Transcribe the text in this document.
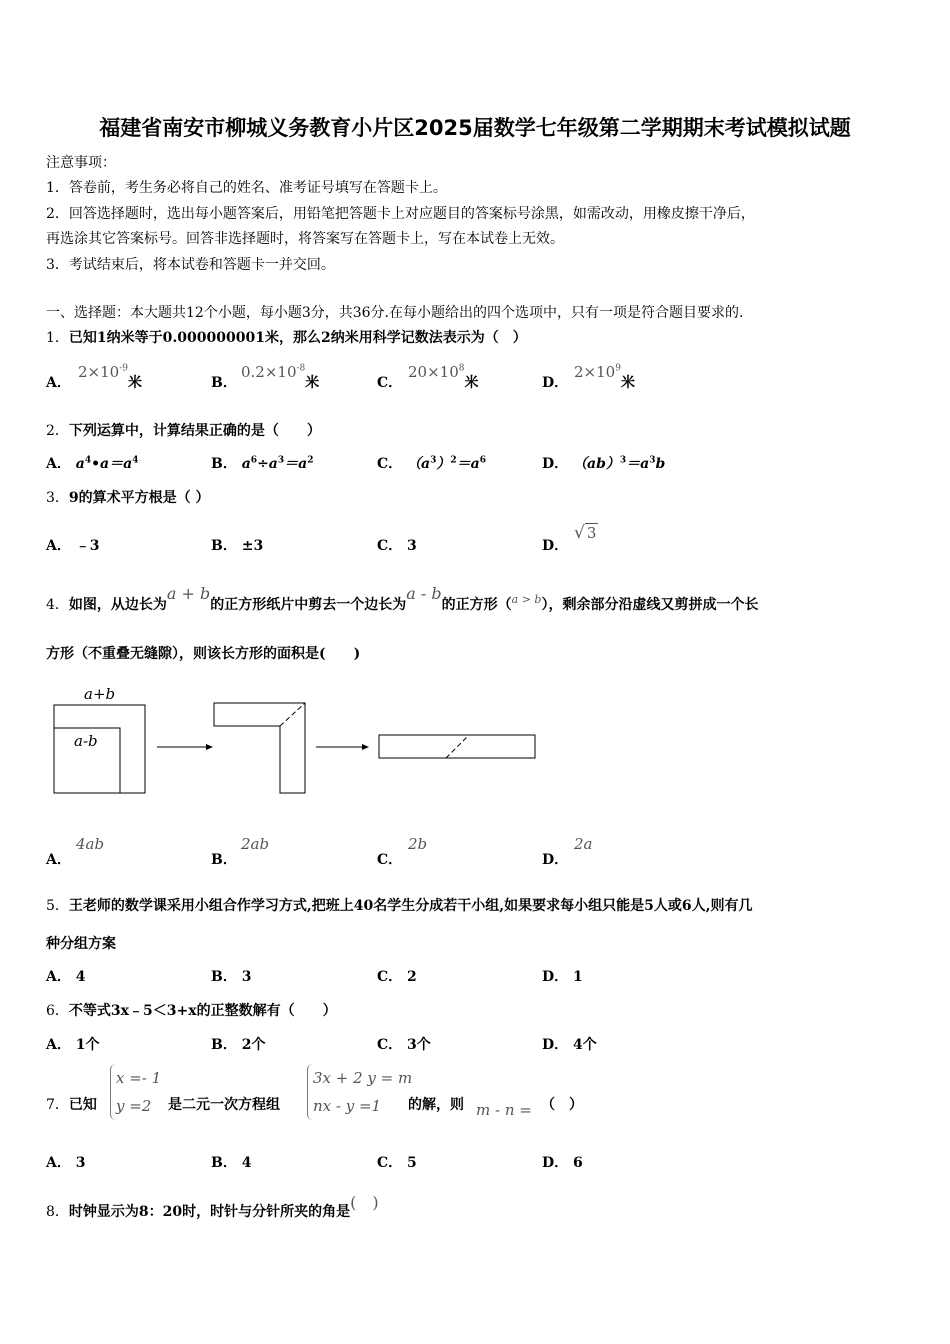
福建省南安市柳城义务教育小片区2025届数学七年级第二学期期末考试模拟试题
注意事项：
1．答卷前，考生务必将自己的姓名、准考证号填写在答题卡上。
2．回答选择题时，选出每小题答案后，用铅笔把答题卡上对应题目的答案标号涂黑，如需改动，用橡皮擦干净后，
再选涂其它答案标号。回答非选择题时，将答案写在答题卡上，写在本试卷上无效。
3．考试结束后，将本试卷和答题卡一并交回。
一、选择题：本大题共12个小题，每小题3分，共36分.在每小题给出的四个选项中，只有一项是符合题目要求的.
1．已知1纳米等于0.000000001米，那么2纳米用科学记数法表示为（　）
A．
$2\times 10^{-9}$米	B．
$0.2\times 10^{-8}$米	C．
$20\times 10^8$米	D．
$2\times 10^9$米
2．下列运算中，计算结果正确的是（　　）
A． $a^4•a=a^4$	B． $a^6\div a^3=a^2$	C． $(a^3)^2=a^6$	D． $(ab)^3=a^3b$
3．9的算术平方根是（ ）
A． ﹣3	B． ±3	C． 3	D．
√ 3
4．如图，从边长为a + b的正方形纸片中剪去一个边长为a - b的正方形（$^{a > b}$），剩余部分沿虚线又剪拼成一个长
方形（不重叠无缝隙），则该长方形的面积是(　　)
a+b
a-b
A．
4ab
B．
2ab
C．
2b
D．
2a
5．王老师的数学课采用小组合作学习方式,把班上40名学生分成若干小组,如果要求每小组只能是5人或6人,则有几
种分组方案
A． 4	B． 3	C． 2	D． 1
6．不等式3x﹣5＜3+x的正整数解有（　　）
A． 1个	B． 2个	C． 3个	D． 4个
7．已知
x =- 1
y =2	是二元一次方程组
3x + 2 y = m
nx - y =1	的解，则 m - n = （　）
A． 3	B． 4	C． 5	D． 6
8．时钟显示为8：20时，时针与分针所夹的角是(　)
